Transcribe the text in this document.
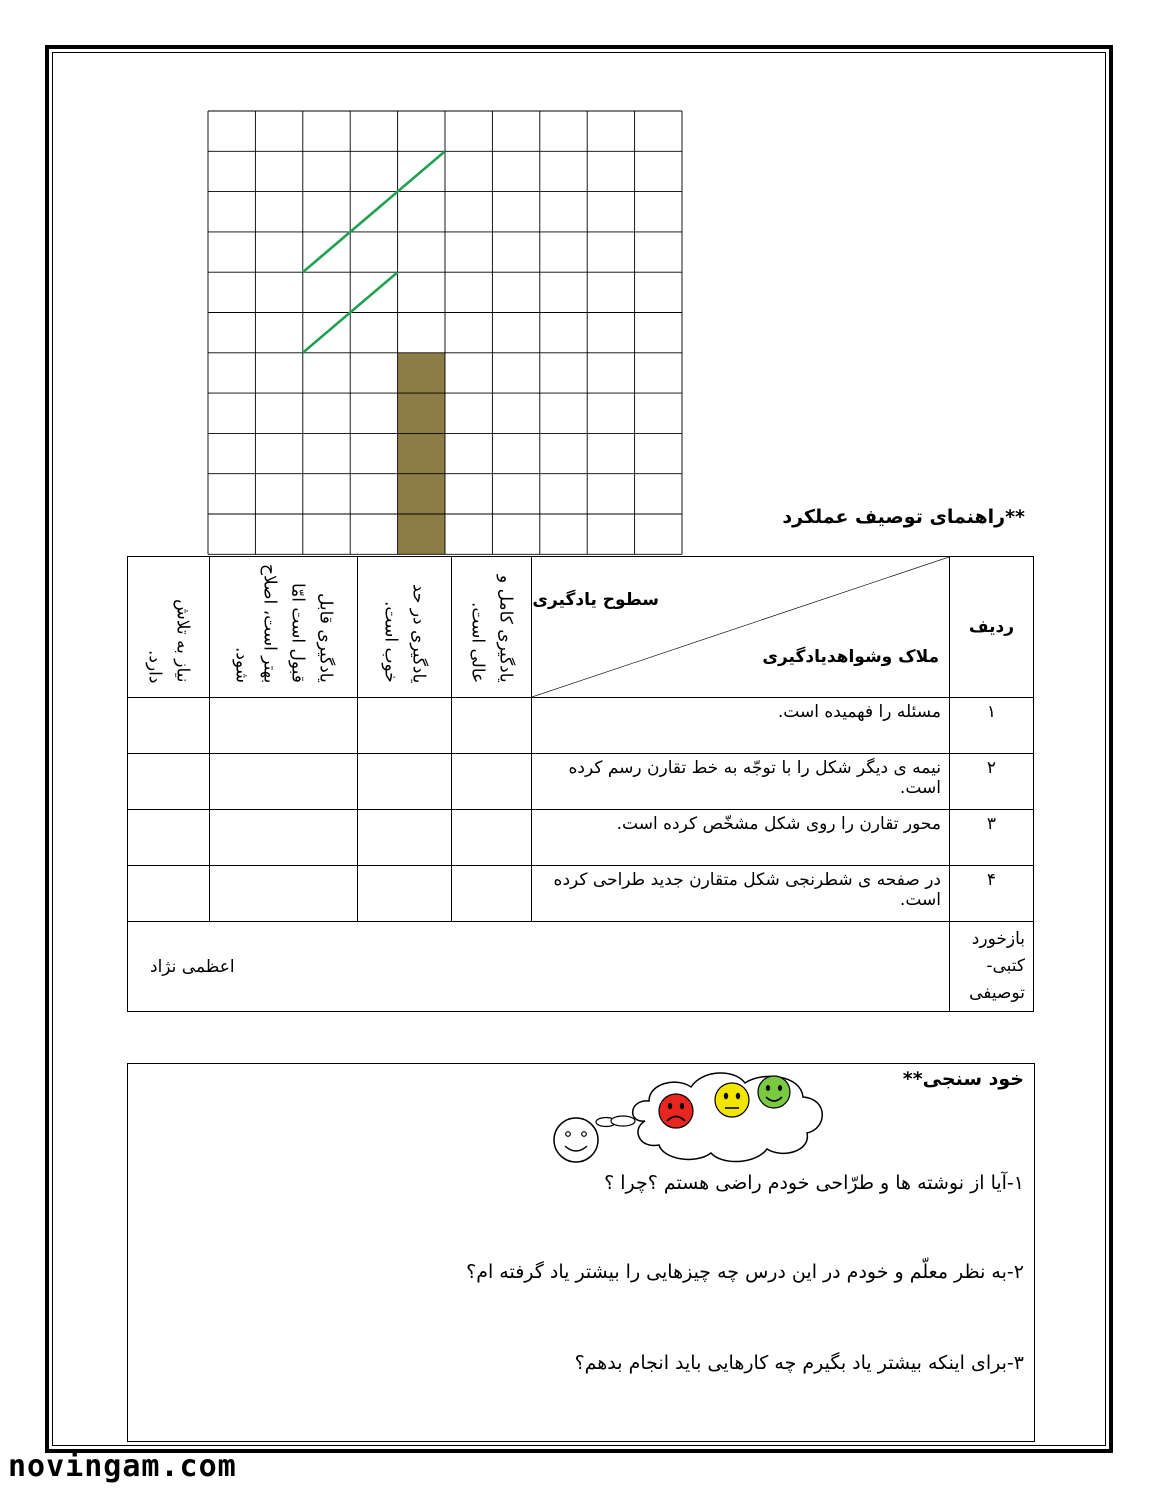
**راهنمای توصیف عملکرد
ردیف	سطوح یادگیری
ملاک وشواهدیادگیری	یادگیری کامل و عالی است.	یادگیری در حد خوب است.	یادگیری قابل قبول است امّا بهتر است، اصلاح شود.	نیاز به تلاش دارد.

۱	مسئله را فهمیده است.				
۲	نیمه ی دیگر شکل را با توجّه به خط تقارن رسم کرده است.				
۳	محور تقارن را روی شکل مشخّص کرده است.				
۴	در صفحه ی شطرنجی شکل متقارن جدید طراحی کرده است.				
بازخورد کتبی- توصیفی	اعظمی نژاد				
خود سنجی**
۱-آیا از نوشته ها و طرّاحی خودم راضی هستم ؟چرا ؟
۲-به نظر معلّم و خودم در این درس چه چیزهایی را بیشتر یاد گرفته ام؟
۳-برای اینکه بیشتر یاد بگیرم چه کارهایی باید انجام بدهم؟
novingam.com
